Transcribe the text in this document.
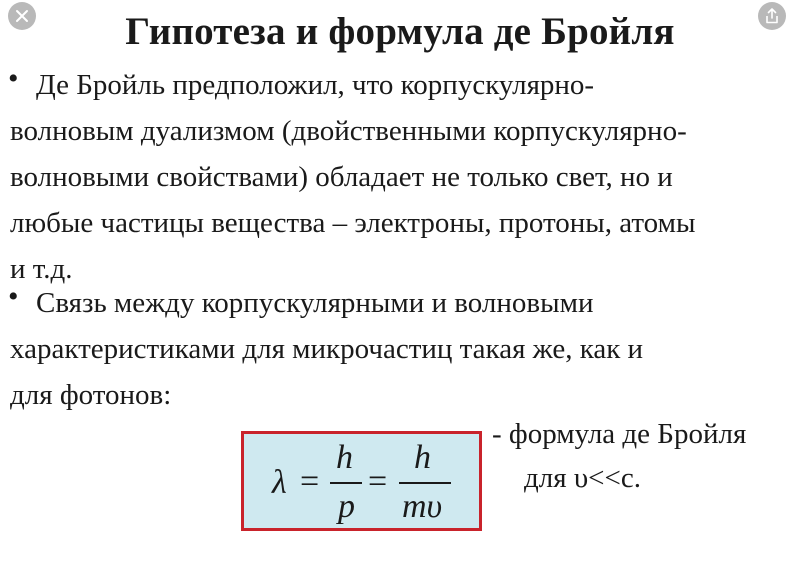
Гипотеза и формула де Бройля
• Де Бройль предположил, что корпускулярно-
волновым дуализмом (двойственными корпускулярно-
волновыми свойствами) обладает не только свет, но и
любые частицы вещества – электроны, протоны, атомы
и т.д.
• Связь между корпускулярными и волновыми
характеристиками для микрочастиц такая же, как и
для фотонов:
λ =
h
p
=
h
mυ
- формула де Бройля
для υ<<c.
